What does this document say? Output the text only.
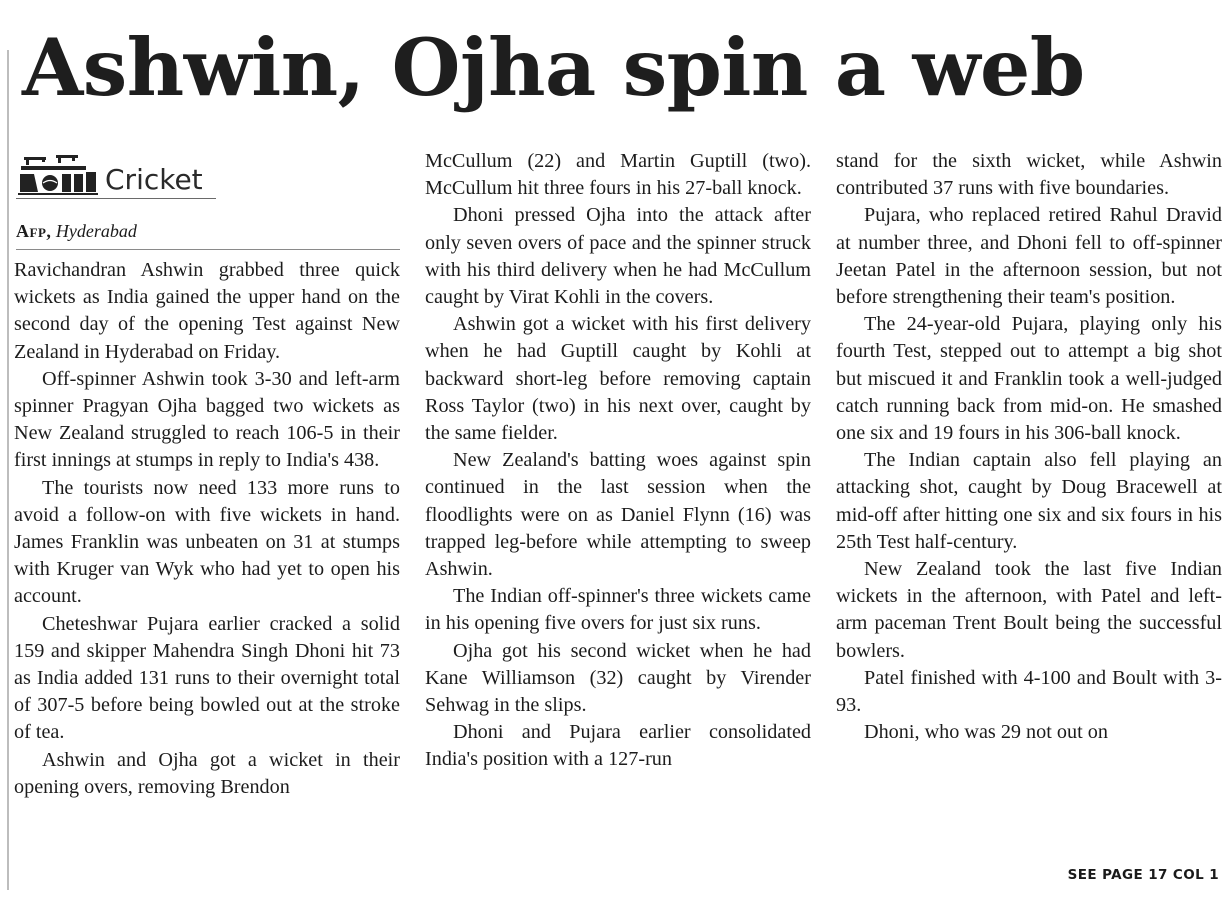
Ashwin, Ojha spin a web
Cricket
Afp, Hyderabad

Ravichandran Ashwin grabbed three quick wickets as India gained the upper hand on the second day of the opening Test against New Zealand in Hyderabad on Friday.

Off-spinner Ashwin took 3-30 and left-arm spinner Pragyan Ojha bagged two wickets as New Zealand struggled to reach 106-5 in their first innings at stumps in reply to India's 438.

The tourists now need 133 more runs to avoid a follow-on with five wickets in hand. James Franklin was unbeaten on 31 at stumps with Kruger van Wyk who had yet to open his account.

Cheteshwar Pujara earlier cracked a solid 159 and skipper Mahendra Singh Dhoni hit 73 as India added 131 runs to their overnight total of 307-5 before being bowled out at the stroke of tea.

Ashwin and Ojha got a wicket in their opening overs, removing Brendon

McCullum (22) and Martin Guptill (two). McCullum hit three fours in his 27-ball knock.

Dhoni pressed Ojha into the attack after only seven overs of pace and the spinner struck with his third delivery when he had McCullum caught by Virat Kohli in the covers.

Ashwin got a wicket with his first delivery when he had Guptill caught by Kohli at backward short-leg before removing captain Ross Taylor (two) in his next over, caught by the same fielder.

New Zealand's batting woes against spin continued in the last session when the floodlights were on as Daniel Flynn (16) was trapped leg-before while attempting to sweep Ashwin.

The Indian off-spinner's three wickets came in his opening five overs for just six runs.

Ojha got his second wicket when he had Kane Williamson (32) caught by Virender Sehwag in the slips.

Dhoni and Pujara earlier consolidated India's position with a 127-run

stand for the sixth wicket, while Ashwin contributed 37 runs with five boundaries.

Pujara, who replaced retired Rahul Dravid at number three, and Dhoni fell to off-spinner Jeetan Patel in the afternoon session, but not before strengthening their team's position.

The 24-year-old Pujara, playing only his fourth Test, stepped out to attempt a big shot but miscued it and Franklin took a well-judged catch running back from mid-on. He smashed one six and 19 fours in his 306-ball knock.

The Indian captain also fell playing an attacking shot, caught by Doug Bracewell at mid-off after hitting one six and six fours in his 25th Test half-century.

New Zealand took the last five Indian wickets in the afternoon, with Patel and left-arm paceman Trent Boult being the successful bowlers.

Patel finished with 4-100 and Boult with 3-93.

Dhoni, who was 29 not out on

SEE PAGE 17 COL 1
